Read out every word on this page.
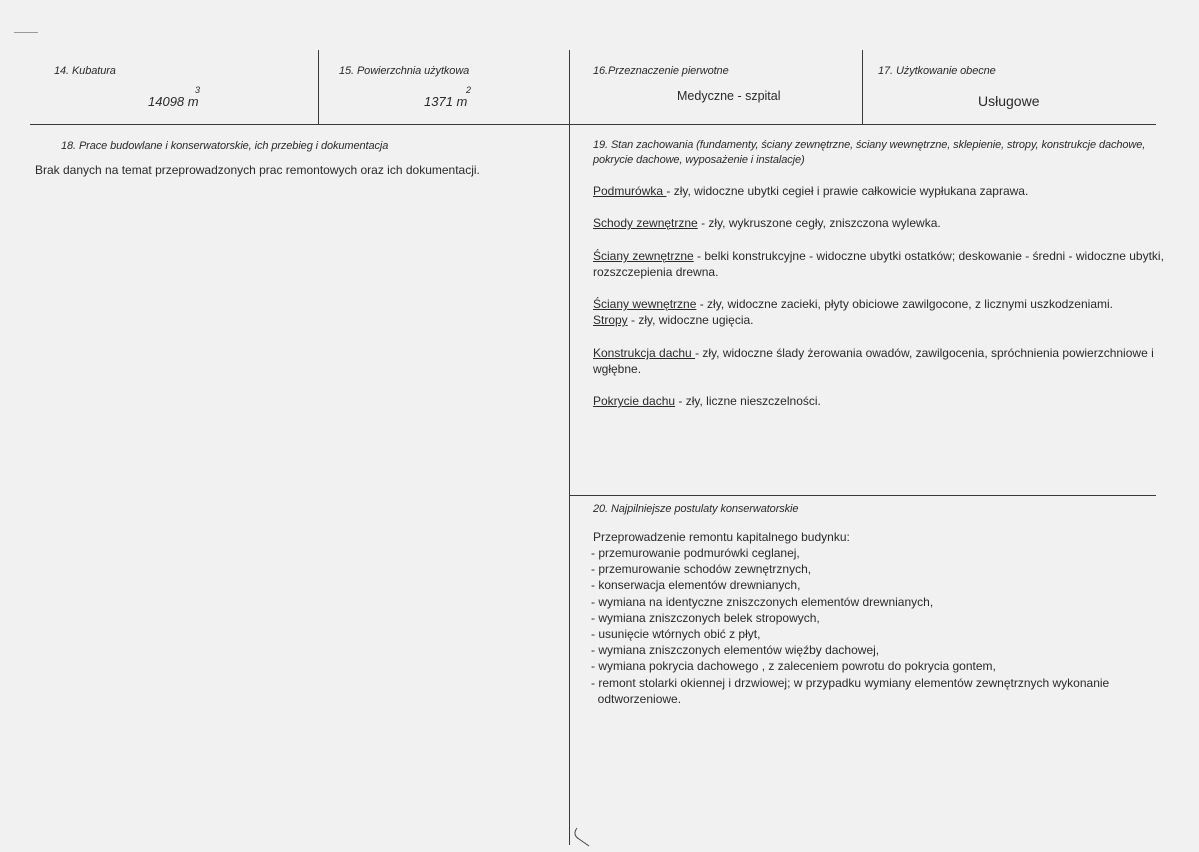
14. Kubatura
3
14098 m
15. Powierzchnia użytkowa
2
1371 m
16.Przeznaczenie pierwotne
Medyczne - szpital
17. Użytkowanie obecne
Usługowe
18. Prace budowlane i konserwatorskie, ich przebieg i dokumentacja
Brak danych na temat przeprowadzonych prac remontowych oraz ich dokumentacji.
19. Stan zachowania (fundamenty, ściany zewnętrzne, ściany wewnętrzne, sklepienie, stropy, konstrukcje dachowe,
pokrycie dachowe, wyposażenie i instalacje)
Podmurówka - zły, widoczne ubytki cegieł i prawie całkowicie wypłukana zaprawa.
Schody zewnętrzne - zły, wykruszone cegły, zniszczona wylewka.
Ściany zewnętrzne - belki konstrukcyjne - widoczne ubytki ostatków; deskowanie - średni - widoczne ubytki,
rozszczepienia drewna.
Ściany wewnętrzne - zły, widoczne zacieki, płyty obiciowe zawilgocone, z licznymi uszkodzeniami.
Stropy - zły, widoczne ugięcia.
Konstrukcja dachu - zły, widoczne ślady żerowania owadów, zawilgocenia, spróchnienia powierzchniowe i
wgłębne.
Pokrycie dachu - zły, liczne nieszczelności.
20. Najpilniejsze postulaty konserwatorskie
Przeprowadzenie remontu kapitalnego budynku:
- przemurowanie podmurówki ceglanej,
- przemurowanie schodów zewnętrznych,
- konserwacja elementów drewnianych,
- wymiana na identyczne zniszczonych elementów drewnianych,
- wymiana zniszczonych belek stropowych,
- usunięcie wtórnych obić z płyt,
- wymiana zniszczonych elementów więźby dachowej,
- wymiana pokrycia dachowego , z zaleceniem powrotu do pokrycia gontem,
- remont stolarki okiennej i drzwiowej; w przypadku wymiany elementów zewnętrznych wykonanie
odtworzeniowe.
